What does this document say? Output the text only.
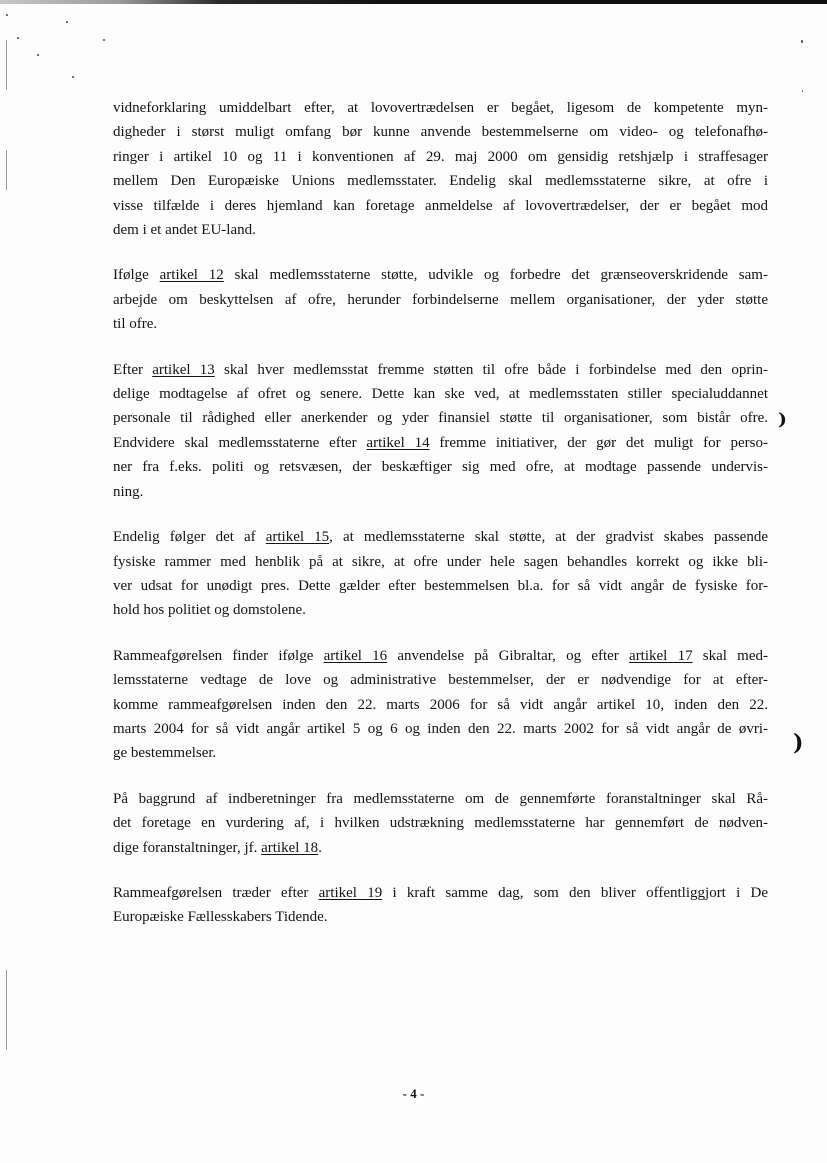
⁾
)

vidneforklaring umiddelbart efter, at lovovertrædelsen er begået, ligesom de kompetente myn-
digheder i størst muligt omfang bør kunne anvende bestemmelserne om video- og telefonafhø-
ringer i artikel 10 og 11 i konventionen af 29. maj 2000 om gensidig retshjælp i straffesager
mellem Den Europæiske Unions medlemsstater. Endelig skal medlemsstaterne sikre, at ofre i
visse tilfælde i deres hjemland kan foretage anmeldelse af lovovertrædelser, der er begået mod
dem i et andet EU-land.

Ifølge artikel 12 skal medlemsstaterne støtte, udvikle og forbedre det grænseoverskridende sam-
arbejde om beskyttelsen af ofre, herunder forbindelserne mellem organisationer, der yder støtte
til ofre.

Efter artikel 13 skal hver medlemsstat fremme støtten til ofre både i forbindelse med den oprin-
delige modtagelse af ofret og senere. Dette kan ske ved, at medlemsstaten stiller specialuddannet
personale til rådighed eller anerkender og yder finansiel støtte til organisationer, som bistår ofre.
Endvidere skal medlemsstaterne efter artikel 14 fremme initiativer, der gør det muligt for perso-
ner fra f.eks. politi og retsvæsen, der beskæftiger sig med ofre, at modtage passende undervis-
ning.

Endelig følger det af artikel 15, at medlemsstaterne skal støtte, at der gradvist skabes passende
fysiske rammer med henblik på at sikre, at ofre under hele sagen behandles korrekt og ikke bli-
ver udsat for unødigt pres. Dette gælder efter bestemmelsen bl.a. for så vidt angår de fysiske for-
hold hos politiet og domstolene.

Rammeafgørelsen finder ifølge artikel 16 anvendelse på Gibraltar, og efter artikel 17 skal med-
lemsstaterne vedtage de love og administrative bestemmelser, der er nødvendige for at efter-
komme rammeafgørelsen inden den 22. marts 2006 for så vidt angår artikel 10, inden den 22.
marts 2004 for så vidt angår artikel 5 og 6 og inden den 22. marts 2002 for så vidt angår de øvri-
ge bestemmelser.

På baggrund af indberetninger fra medlemsstaterne om de gennemførte foranstaltninger skal Rå-
det foretage en vurdering af, i hvilken udstrækning medlemsstaterne har gennemført de nødven-
dige foranstaltninger, jf. artikel 18.

Rammeafgørelsen træder efter artikel 19 i kraft samme dag, som den bliver offentliggjort i De
Europæiske Fællesskabers Tidende.

- 4 -
